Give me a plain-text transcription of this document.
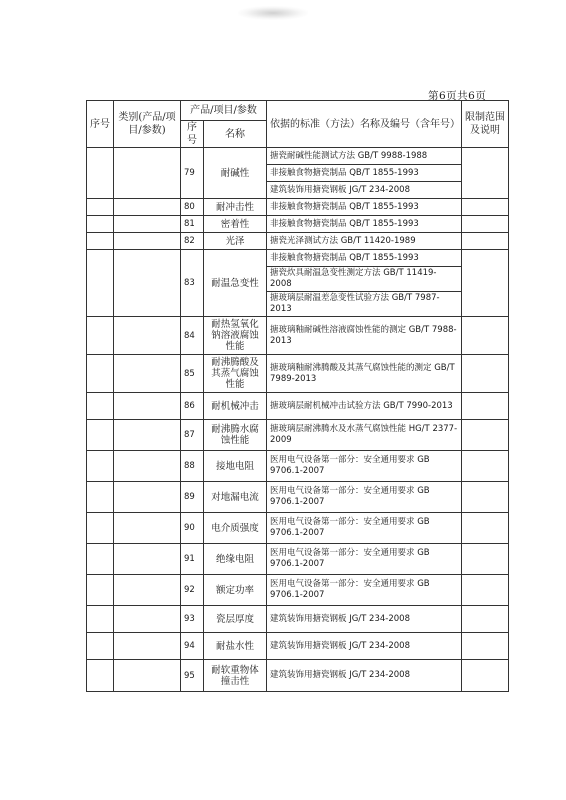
第6页共6页
序号	类别(产品/项目/参数)	产品/项目/参数		依据的标准（方法）名称及编号（含年号）	限制范围及说明
		序号	名称		
		79	耐碱性	搪瓷耐碱性能测试方法 GB/T 9988-1988	
				非接触食物搪瓷制品 QB/T 1855-1993	
				建筑装饰用搪瓷钢板 JG/T 234-2008	
		80	耐冲击性	非接触食物搪瓷制品 QB/T 1855-1993	
		81	密着性	非接触食物搪瓷制品 QB/T 1855-1993	
		82	光泽	搪瓷光泽测试方法 GB/T 11420-1989	
		83	耐温急变性	非接触食物搪瓷制品 QB/T 1855-1993	
				搪瓷炊具耐温急变性测定方法 GB/T 11419-2008	
				搪玻璃层耐温差急变性试验方法 GB/T 7987-2013	
		84	耐热氢氧化钠溶液腐蚀性能	搪玻璃釉耐碱性溶液腐蚀性能的测定 GB/T 7988-2013	
		85	耐沸腾酸及其蒸气腐蚀性能	搪玻璃釉耐沸腾酸及其蒸气腐蚀性能的测定 GB/T 7989-2013	
		86	耐机械冲击	搪玻璃层耐机械冲击试验方法 GB/T 7990-2013	
		87	耐沸腾水腐蚀性能	搪玻璃层耐沸腾水及水蒸气腐蚀性能 HG/T 2377-2009	
		88	接地电阻	医用电气设备第一部分：安全通用要求 GB 9706.1-2007	
		89	对地漏电流	医用电气设备第一部分：安全通用要求 GB 9706.1-2007	
		90	电介质强度	医用电气设备第一部分：安全通用要求 GB 9706.1-2007	
		91	绝缘电阻	医用电气设备第一部分：安全通用要求 GB 9706.1-2007	
		92	额定功率	医用电气设备第一部分：安全通用要求 GB 9706.1-2007	
		93	瓷层厚度	建筑装饰用搪瓷钢板 JG/T 234-2008	
		94	耐盐水性	建筑装饰用搪瓷钢板 JG/T 234-2008	
		95	耐软重物体撞击性	建筑装饰用搪瓷钢板 JG/T 234-2008	
